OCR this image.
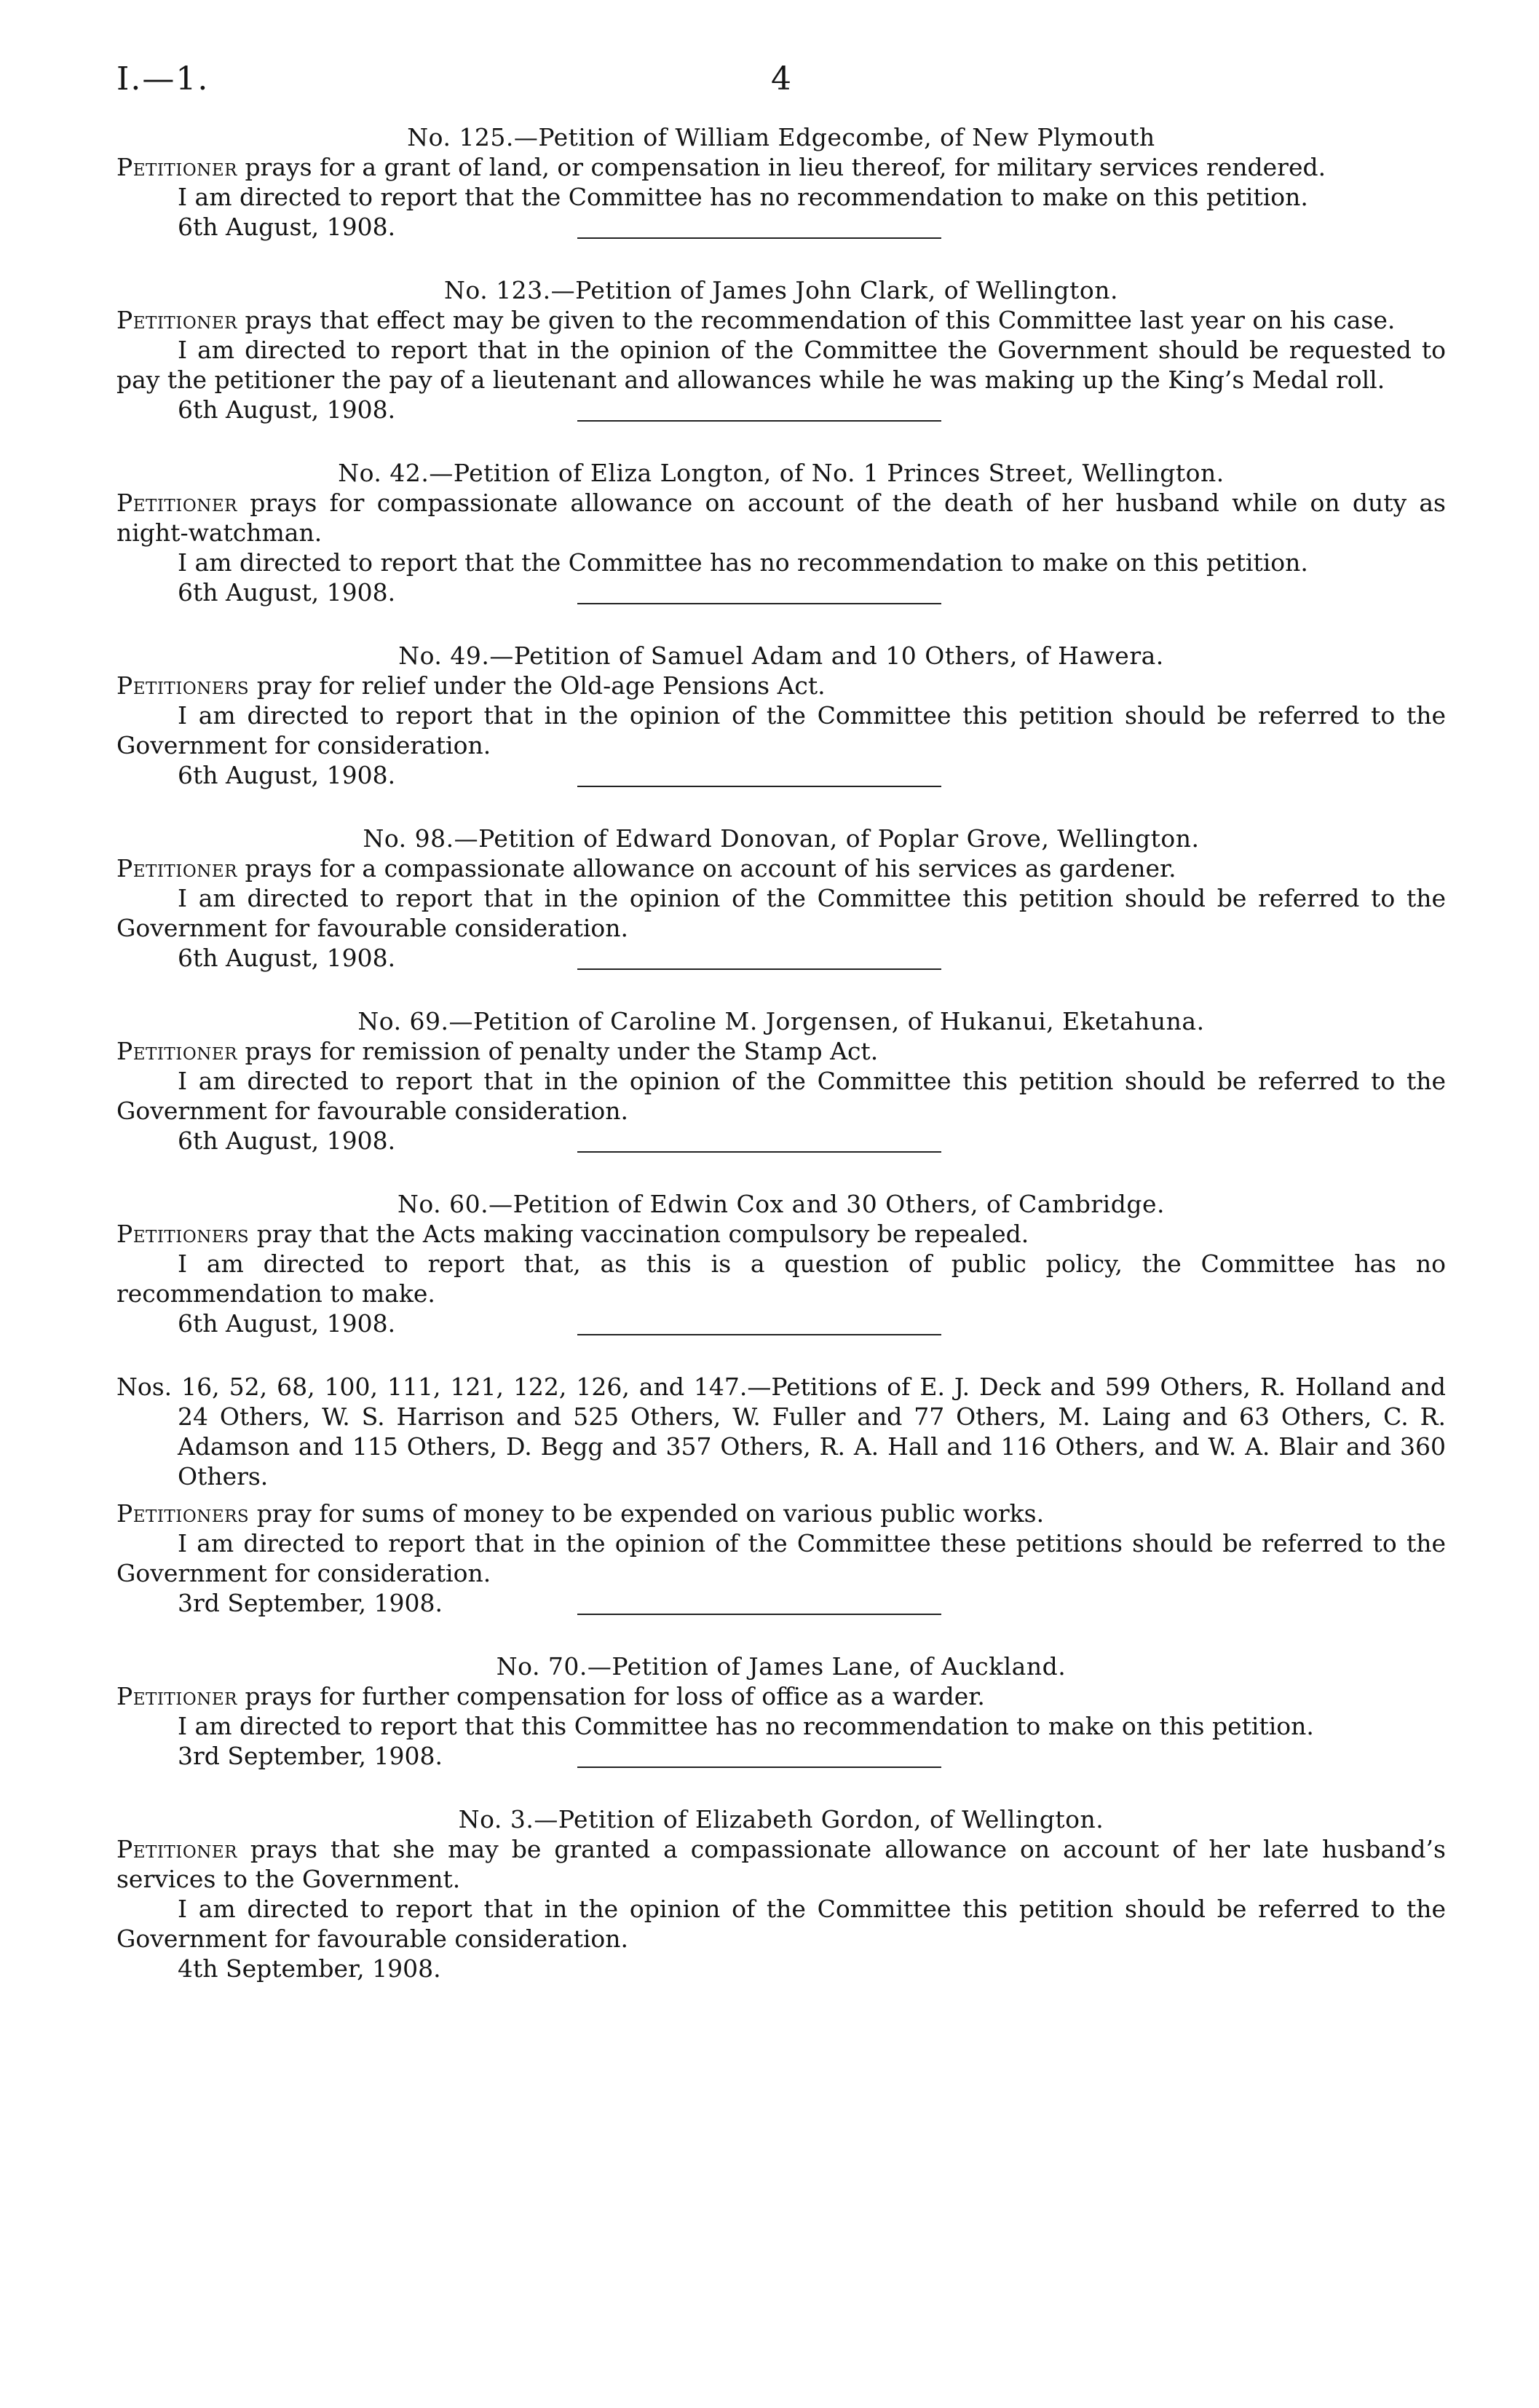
I.—1.	4
No. 125.—Petition of William Edgecombe, of New Plymouth

Petitioner prays for a grant of land, or compensation in lieu thereof, for military services rendered.

I am directed to report that the Committee has no recommendation to make on this petition.

6th August, 1908.
No. 123.—Petition of James John Clark, of Wellington.

Petitioner prays that effect may be given to the recommendation of this Committee last year on his case.

I am directed to report that in the opinion of the Committee the Government should be requested to pay the petitioner the pay of a lieutenant and allowances while he was making up the King’s Medal roll.

6th August, 1908.
No. 42.—Petition of Eliza Longton, of No. 1 Princes Street, Wellington.

Petitioner prays for compassionate allowance on account of the death of her husband while on duty as night-watchman.

I am directed to report that the Committee has no recommendation to make on this petition.

6th August, 1908.
No. 49.—Petition of Samuel Adam and 10 Others, of Hawera.

Petitioners pray for relief under the Old-age Pensions Act.

I am directed to report that in the opinion of the Committee this petition should be referred to the Government for consideration.

6th August, 1908.
No. 98.—Petition of Edward Donovan, of Poplar Grove, Wellington.

Petitioner prays for a compassionate allowance on account of his services as gardener.

I am directed to report that in the opinion of the Committee this petition should be referred to the Government for favourable consideration.

6th August, 1908.
No. 69.—Petition of Caroline M. Jorgensen, of Hukanui, Eketahuna.

Petitioner prays for remission of penalty under the Stamp Act.

I am directed to report that in the opinion of the Committee this petition should be referred to the Government for favourable consideration.

6th August, 1908.
No. 60.—Petition of Edwin Cox and 30 Others, of Cambridge.

Petitioners pray that the Acts making vaccination compulsory be repealed.

I am directed to report that, as this is a question of public policy, the Committee has no recommendation to make.

6th August, 1908.
Nos. 16, 52, 68, 100, 111, 121, 122, 126, and 147.—Petitions of E. J. Deck and 599 Others, R. Holland and 24 Others, W. S. Harrison and 525 Others, W. Fuller and 77 Others, M. Laing and 63 Others, C. R. Adamson and 115 Others, D. Begg and 357 Others, R. A. Hall and 116 Others, and W. A. Blair and 360 Others.

Petitioners pray for sums of money to be expended on various public works.

I am directed to report that in the opinion of the Committee these petitions should be referred to the Government for consideration.

3rd September, 1908.
No. 70.—Petition of James Lane, of Auckland.

Petitioner prays for further compensation for loss of office as a warder.

I am directed to report that this Committee has no recommendation to make on this petition.

3rd September, 1908.
No. 3.—Petition of Elizabeth Gordon, of Wellington.

Petitioner prays that she may be granted a compassionate allowance on account of her late husband’s services to the Government.

I am directed to report that in the opinion of the Committee this petition should be referred to the Government for favourable consideration.

4th September, 1908.
